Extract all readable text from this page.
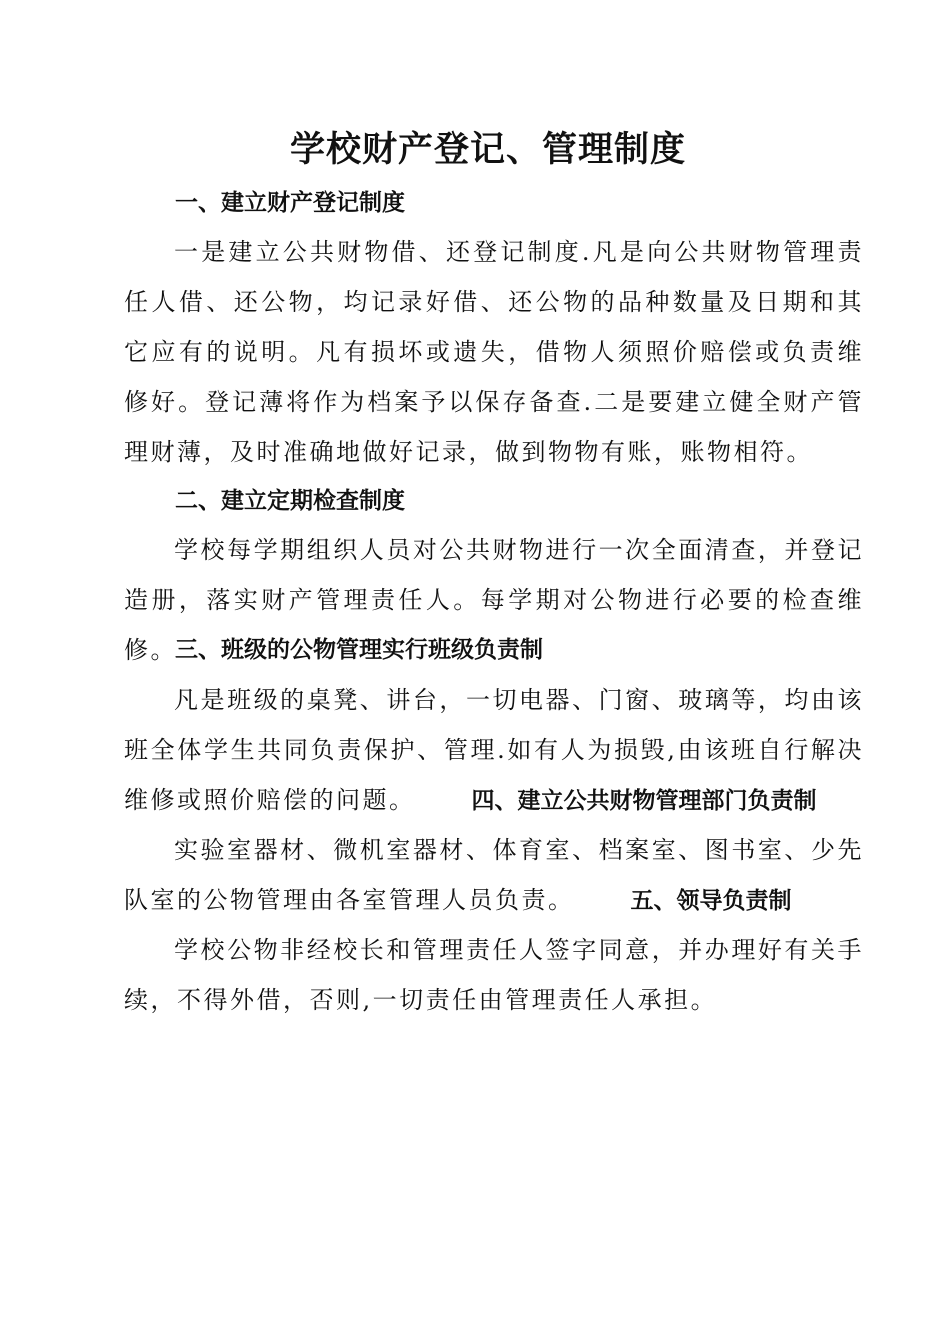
学校财产登记、管理制度
一、建立财产登记制度
一是建立公共财物借、还登记制度.凡是向公共财物管理责任人借、还公物，均记录好借、还公物的品种数量及日期和其它应有的说明。凡有损坏或遗失，借物人须照价赔偿或负责维修好。登记薄将作为档案予以保存备查.二是要建立健全财产管理财薄，及时准确地做好记录，做到物物有账，账物相符。
二、建立定期检查制度
学校每学期组织人员对公共财物进行一次全面清查，并登记造册，落实财产管理责任人。每学期对公物进行必要的检查维修。
三、班级的公物管理实行班级负责制
凡是班级的桌凳、讲台，一切电器、门窗、玻璃等，均由该班全体学生共同负责保护、管理.如有人为损毁,由该班自行解决维修或照价赔偿的问题。 四、建立公共财物管理部门负责制
实验室器材、微机室器材、体育室、档案室、图书室、少先队室的公物管理由各室管理人员负责。 五、领导负责制
学校公物非经校长和管理责任人签字同意，并办理好有关手续，不得外借，否则,一切责任由管理责任人承担。
